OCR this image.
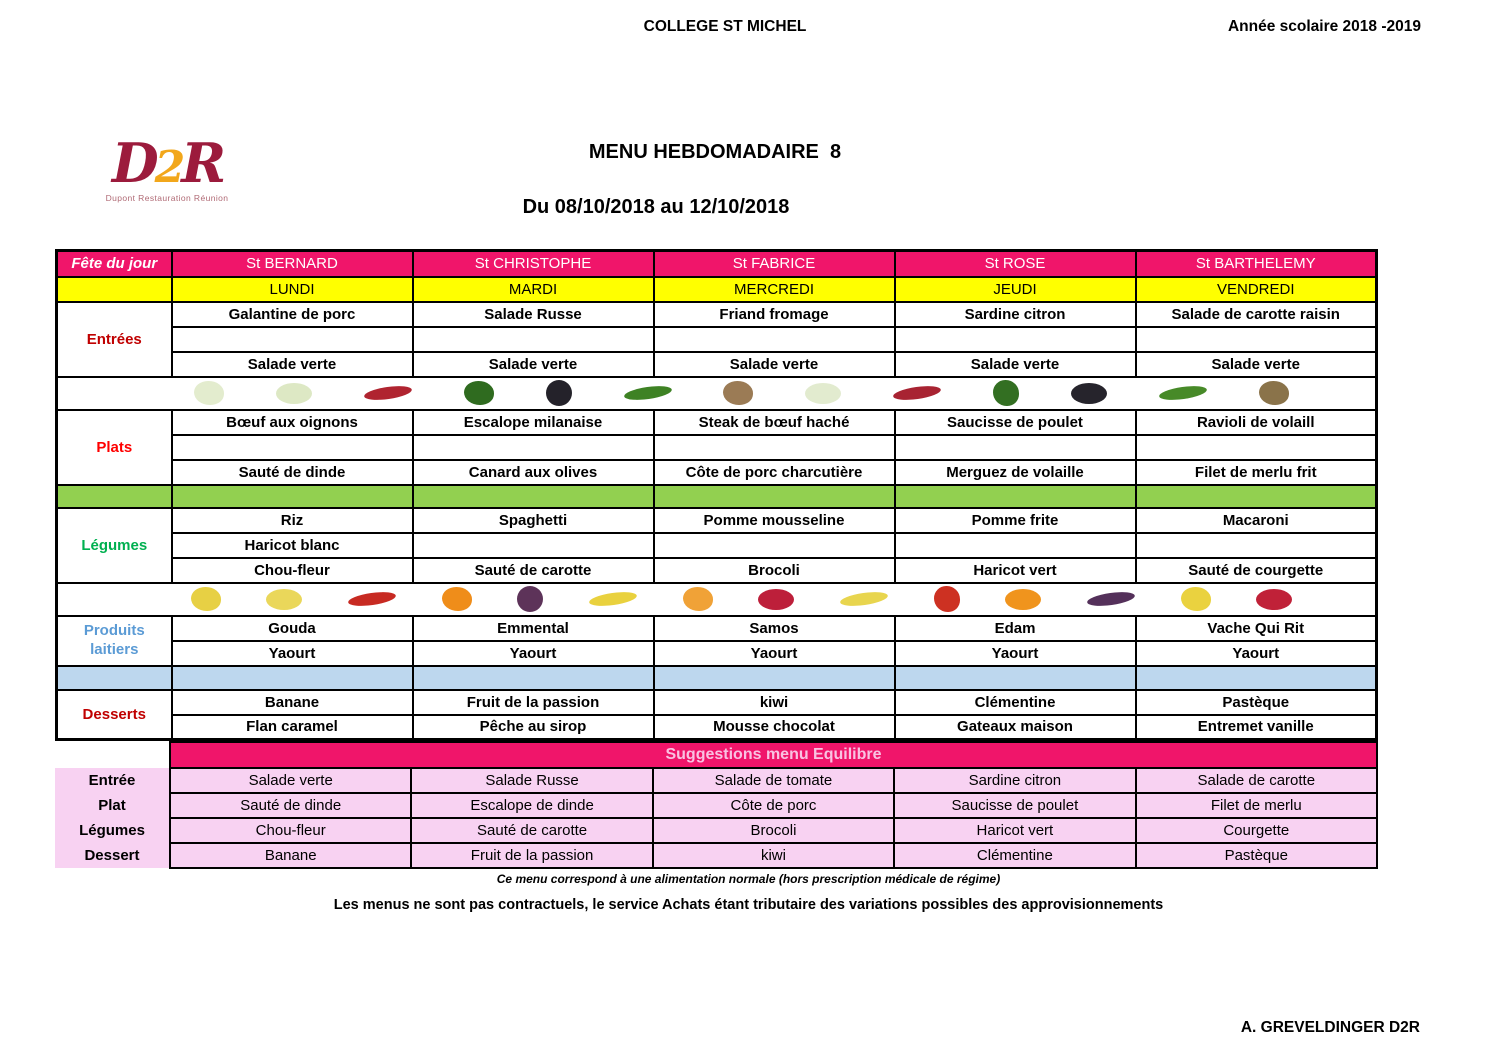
COLLEGE ST MICHEL	Année scolaire 2018 -2019
D2R
Dupont Restauration Réunion
MENU HEBDOMADAIRE  8
Du 08/10/2018 au 12/10/2018
Fête du jour	St BERNARD	St CHRISTOPHE	St FABRICE	St ROSE	St BARTHELEMY
	LUNDI	MARDI	MERCREDI	JEUDI	VENDREDI
Entrées	Galantine de porc	Salade Russe	Friand fromage	Sardine citron	Salade de carotte raisin

	Salade verte	Salade verte	Salade verte	Salade verte	Salade verte

Plats	Bœuf aux oignons	Escalope milanaise	Steak de bœuf haché	Saucisse de poulet	Ravioli de volaill

	Sauté de dinde	Canard aux olives	Côte de porc charcutière	Merguez de volaille	Filet de merlu frit

Légumes	Riz	Spaghetti	Pomme mousseline	Pomme frite	Macaroni
	Haricot blanc				
	Chou-fleur	Sauté de carotte	Brocoli	Haricot vert	Sauté de courgette

Produits laitiers	Gouda	Emmental	Samos	Edam	Vache Qui Rit
	Yaourt	Yaourt	Yaourt	Yaourt	Yaourt

Desserts	Banane	Fruit de la passion	kiwi	Clémentine	Pastèque
	Flan caramel	Pêche au sirop	Mousse chocolat	Gateaux maison	Entremet vanille
	Suggestions menu Equilibre				
Entrée	Salade verte	Salade Russe	Salade de tomate	Sardine citron	Salade de carotte
Plat	Sauté de dinde	Escalope de dinde	Côte de porc	Saucisse de poulet	Filet de merlu
Légumes	Chou-fleur	Sauté de carotte	Brocoli	Haricot vert	Courgette
Dessert	Banane	Fruit de la passion	kiwi	Clémentine	Pastèque
Ce menu correspond à une alimentation normale (hors prescription médicale de régime)
Les menus ne sont pas contractuels, le service Achats étant tributaire des variations possibles des approvisionnements
A. GREVELDINGER D2R
